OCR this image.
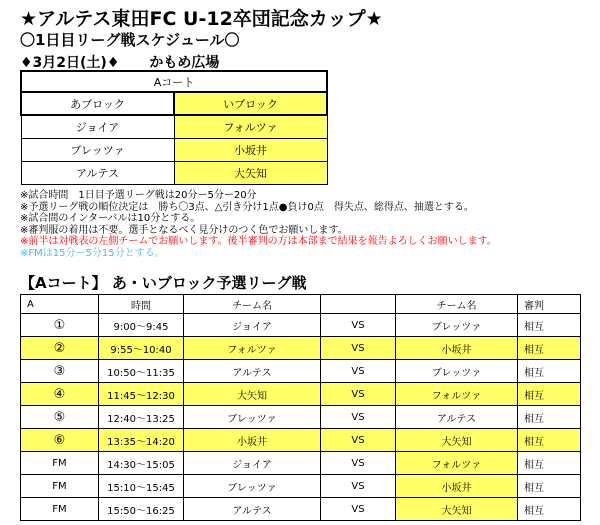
★アルテス東田FC U-12卒団記念カップ★
〇1日目リーグ戦スケジュール〇
♦3月2日(土)♦ かもめ広場
Aコート	
あブロック	いブロック
ジョイア	フォルツァ
ブレッツァ	小坂井
アルテス	大矢知
※試合時間　1日目予選リーグ戦は20分ー5分ー20分
※予選リーグ戦の順位決定は　勝ち〇3点、△引き分け1点●負け0点　得失点、総得点、抽選とする。
※試合間のインターバルは10分とする。
※審判服の着用は不要。選手となるべく見分けのつく色でお願いします。
※前半は対戦表の左側チームでお願いします。後半審判の方は本部まで結果を報告よろしくお願いします。
※FMは15分ー5分15分とする。
【Aコート】 あ・いブロック予選リーグ戦
A	時間	チーム名		チーム名	審判
①	9:00～9:45	ジョイア	VS	ブレッツァ	相互
②	9:55～10:40	フォルツァ	VS	小坂井	相互
③	10:50～11:35	アルテス	VS	ブレッツァ	相互
④	11:45～12:30	大矢知	VS	フォルツァ	相互
⑤	12:40～13:25	ブレッツァ	VS	アルテス	相互
⑥	13:35～14:20	小坂井	VS	大矢知	相互
FM	14:30～15:05	ジョイア	VS	フォルツァ	相互
FM	15:10～15:45	ブレッツァ	VS	小坂井	相互
FM	15:50～16:25	アルテス	VS	大矢知	相互
